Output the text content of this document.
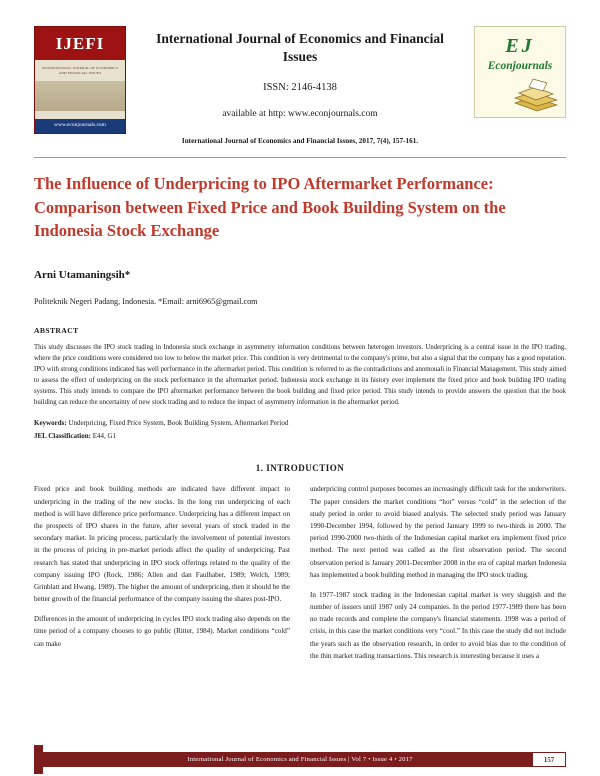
IJEFI
INTERNATIONAL JOURNAL OF ECONOMICS AND FINANCIAL ISSUES
www.econjournals.com
International Journal of Economics and Financial Issues
ISSN: 2146-4138
available at http: www.econjournals.com
International Journal of Economics and Financial Issues, 2017, 7(4), 157-161.
EJ
Econjournals
The Influence of Underpricing to IPO Aftermarket Performance: Comparison between Fixed Price and Book Building System on the Indonesia Stock Exchange
Arni Utamaningsih*
Politeknik Negeri Padang, Indonesia. *Email: arni6965@gmail.com
ABSTRACT

This study discusses the IPO stock trading in Indonesia stock exchange in asymmetry information conditions between heterogen investors. Underpricing is a central issue in the IPO trading, where the price conditions were considered too low to below the market price. This condition is very detrimental to the company's prime, but also a signal that the company has a good reputation. IPO with strong conditions indicated has well performance in the aftermarket period. This condition is referred to as the contradictions and anomouali in Financial Management. This study aimed to assess the effect of underpricing on the stock performance in the aftermarket period. Indonesia stock exchange in its history ever implement the fixed price and book building IPO trading systems. This study intends to compare the IPO aftermarket performance between the book building and fixed price period. This study intends to provide answers the question that the book building can reduce the uncertainty of new stock trading and to reduce the impact of asymmetry information in the aftermarket period.

Keywords: Underpricing, Fixed Price System, Book Building System, Aftermarket Period
JEL Classification: E44, G1
1. INTRODUCTION

Fixed price and book building methods are indicated have different impact to underpricing in the trading of the new stocks. In the long run underpricing of each method is will have difference price performance. Underpricing has a different impact on the prospects of IPO shares in the future, after several years of stock traded in the secondary market. In pricing process, particularly the involvement of potential investors in the process of pricing in pre-market periods affect the quality of underpricing. Past research has stated that underpricing in IPO stock offerings related to the quality of the company issuing IPO (Rock, 1986; Allen and dan Faulhaber, 1989; Welch, 1989; Grinblatt and Hwang, 1989). The higher the amount of underpricing, then it should be the better growth of the financial performance of the company issuing the shares post-IPO.

Differences in the amount of underpricing in cycles IPO stock trading also depends on the time period of a company chooses to go public (Ritter, 1984). Market conditions “cold” can make

underpricing control purposes becomes an increasingly difficult task for the underwriters. The paper considers the market conditions “hot” versus “cold” in the selection of the study period in order to avoid biased analysis. The selected study period was January 1990-December 1994, followed by the period January 1999 to two-thirds in 2000. The period 1990-2000 two-thirds of the Indonesian capital market era implement fixed price method. The next period was called as the first observation period. The second observation period is January 2001-December 2008 in the era of capital market Indonesia has implemented a book building method in managing the IPO stock trading.

In 1977-1987 stock trading in the Indonesian capital market is very sluggish and the number of issuers until 1987 only 24 companies. In the period 1977-1989 there has been no trade records and complete the company's financial statements. 1998 was a period of crisis, in this case the market conditions very “cool.” In this case the study did not include the years such as the observation research, in order to avoid bias due to the condition of the thin market trading transactions. This research is interesting because it uses a

International Journal of Economics and Financial Issues | Vol 7 • Issue 4 • 2017	157
